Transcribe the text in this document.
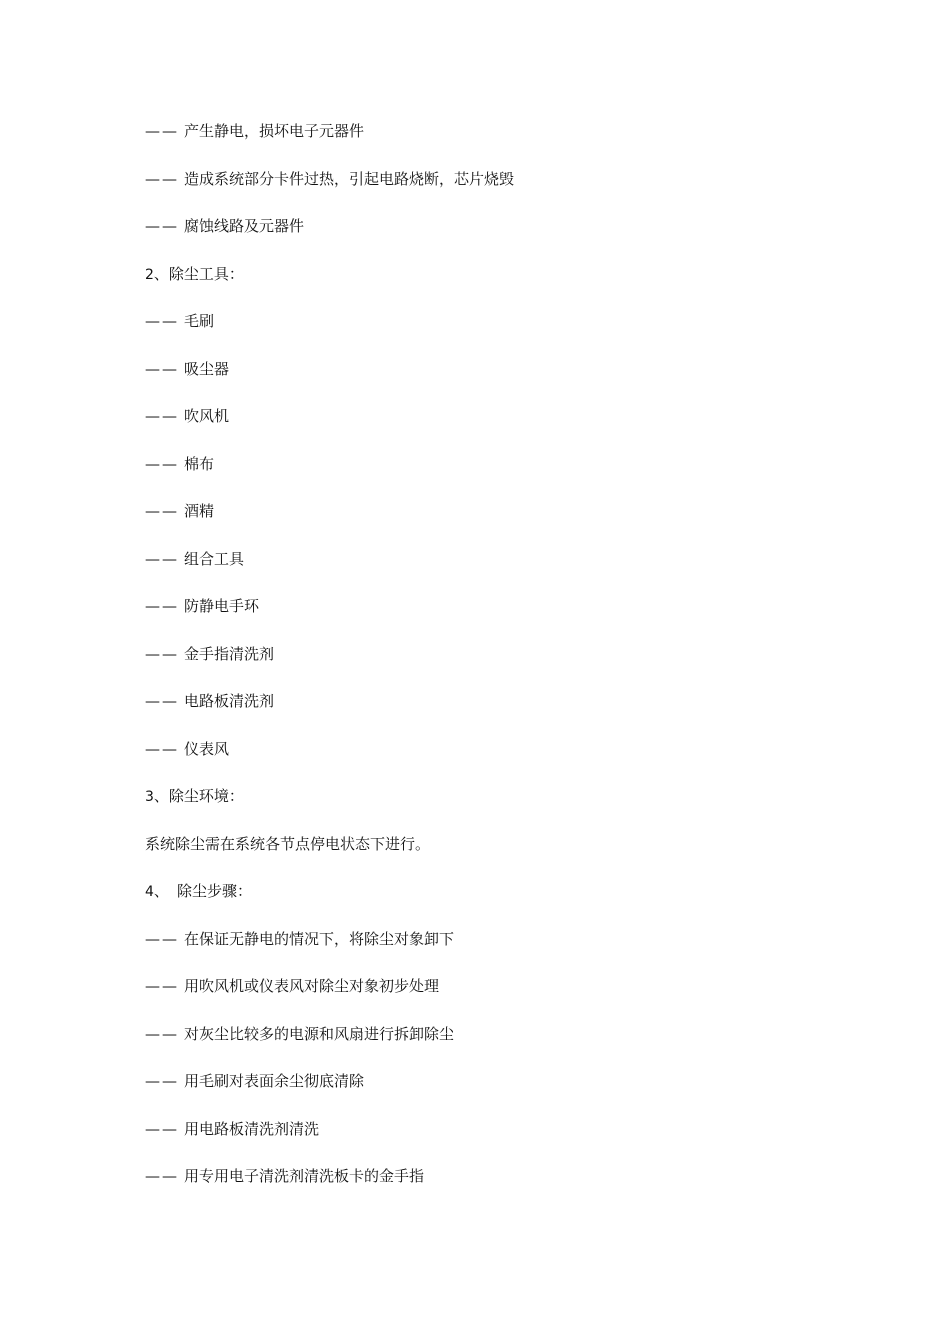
—— 产生静电，损坏电子元器件
—— 造成系统部分卡件过热，引起电路烧断，芯片烧毁
—— 腐蚀线路及元器件
2、除尘工具：
—— 毛刷
—— 吸尘器
—— 吹风机
—— 棉布
—— 酒精
—— 组合工具
—— 防静电手环
—— 金手指清洗剂
—— 电路板清洗剂
—— 仪表风
3、除尘环境：
系统除尘需在系统各节点停电状态下进行。
4、 除尘步骤：
—— 在保证无静电的情况下，将除尘对象卸下
—— 用吹风机或仪表风对除尘对象初步处理
—— 对灰尘比较多的电源和风扇进行拆卸除尘
—— 用毛刷对表面余尘彻底清除
—— 用电路板清洗剂清洗
—— 用专用电子清洗剂清洗板卡的金手指
